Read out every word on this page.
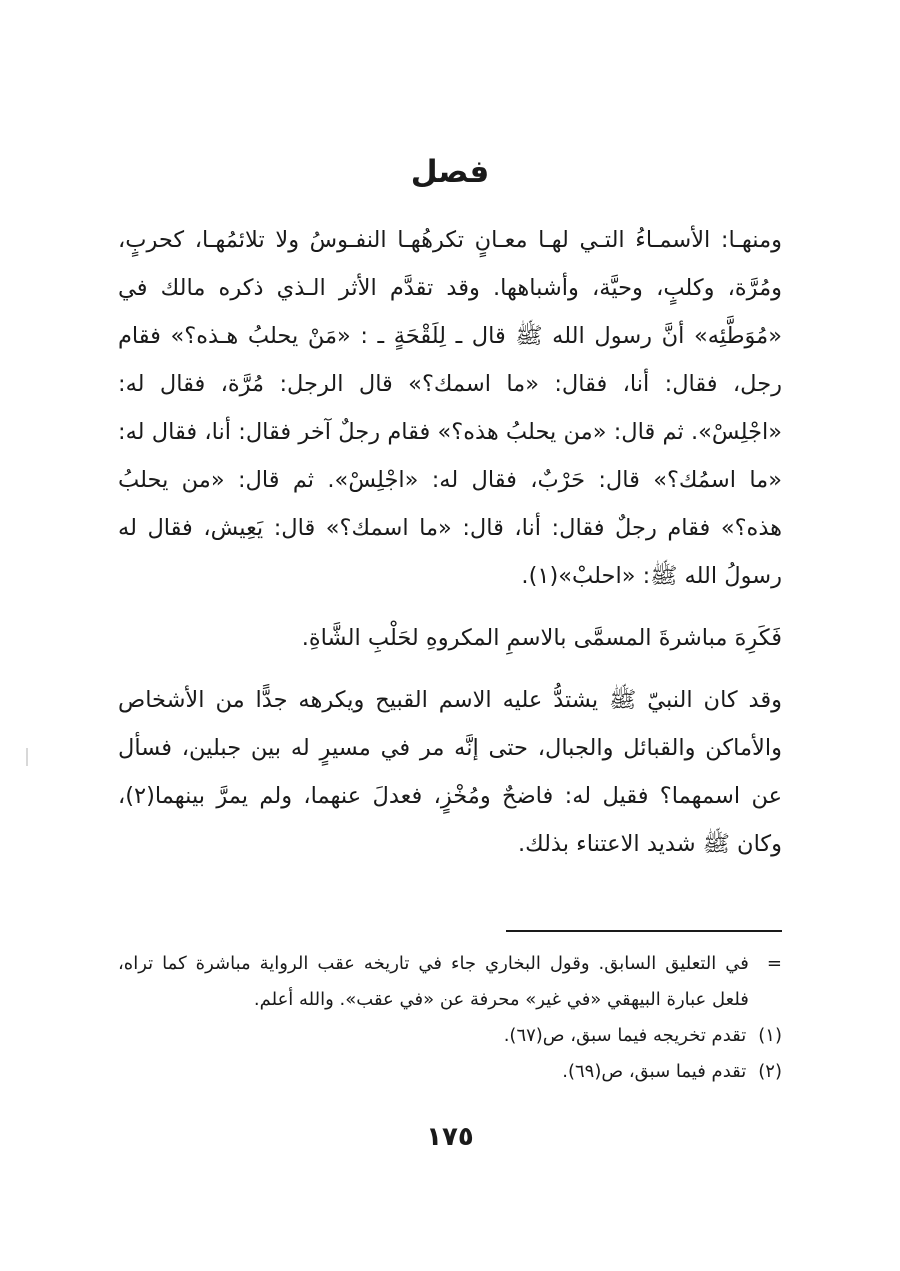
فصل

ومنهـا: الأسمـاءُ التـي لهـا معـانٍ تكرهُهـا النفـوسُ ولا تلائمُهـا، كحربٍ، ومُرَّة، وكلبٍ، وحيَّة، وأشباهها. وقد تقدَّم الأثر الـذي ذكره مالك في «مُوَطَّئِه» أنَّ رسول الله ﷺ قال ـ لِلَقْحَةٍ ـ : «مَنْ يحلبُ هـذه؟» فقام رجل، فقال: أنا، فقال: «ما اسمك؟» قال الرجل: مُرَّة، فقال له: «اجْلِسْ». ثم قال: «من يحلبُ هذه؟» فقام رجلٌ آخر فقال: أنا، فقال له: «ما اسمُك؟» قال: حَرْبٌ، فقال له: «اجْلِسْ». ثم قال: «من يحلبُ هذه؟» فقام رجلٌ فقال: أنا، قال: «ما اسمك؟» قال: يَعِيش، فقال له رسولُ الله ﷺ: «احلبْ»(١).

فَكَرِهَ مباشرةَ المسمَّى بالاسمِ المكروهِ لحَلْبِ الشَّاةِ.

وقد كان النبيّ ﷺ يشتدُّ عليه الاسم القبيح ويكرهه جدًّا من الأشخاص والأماكن والقبائل والجبال، حتى إنَّه مر في مسيرٍ له بين جبلين، فسأل عن اسمهما؟ فقيل له: فاضحٌ ومُخْزٍ، فعدلَ عنهما، ولم يمرَّ بينهما(٢)، وكان ﷺ شديد الاعتناء بذلك.

=
في التعليق السابق. وقول البخاري جاء في تاريخه عقب الرواية مباشرة كما تراه، فلعل عبارة البيهقي «في غير» محرفة عن «في عقب». والله أعلم.
(١)
تقدم تخريجه فيما سبق، ص(٦٧).
(٢)
تقدم فيما سبق، ص(٦٩).
١٧٥
